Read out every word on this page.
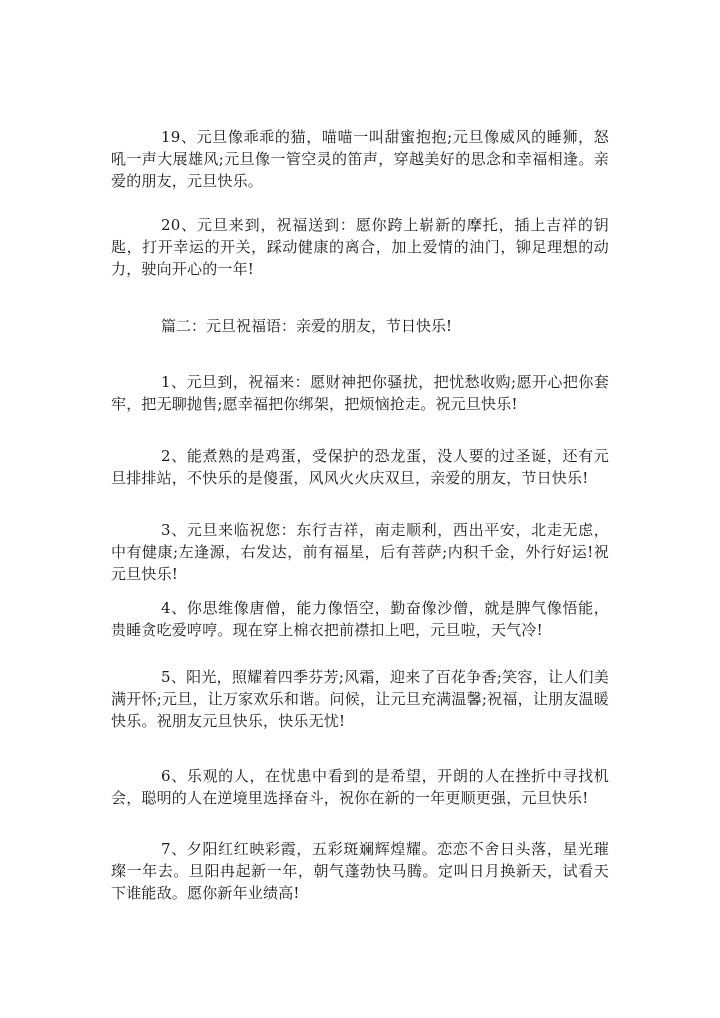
19、元旦像乖乖的猫，喵喵一叫甜蜜抱抱;元旦像威风的睡狮，怒吼一声大展雄风;元旦像一管空灵的笛声，穿越美好的思念和幸福相逢。亲爱的朋友，元旦快乐。

20、元旦来到，祝福送到：愿你跨上崭新的摩托，插上吉祥的钥匙，打开幸运的开关，踩动健康的离合，加上爱情的油门，铆足理想的动力，驶向开心的一年!

篇二：元旦祝福语：亲爱的朋友，节日快乐!

1、元旦到，祝福来：愿财神把你骚扰，把忧愁收购;愿开心把你套牢，把无聊抛售;愿幸福把你绑架，把烦恼抢走。祝元旦快乐!

2、能煮熟的是鸡蛋，受保护的恐龙蛋，没人要的过圣诞，还有元旦排排站，不快乐的是傻蛋，风风火火庆双旦，亲爱的朋友，节日快乐!

3、元旦来临祝您：东行吉祥，南走顺利，西出平安，北走无虑，中有健康;左逢源，右发达，前有福星，后有菩萨;内积千金，外行好运!祝元旦快乐!

4、你思维像唐僧，能力像悟空，勤奋像沙僧，就是脾气像悟能，贵睡贪吃爱哼哼。现在穿上棉衣把前襟扣上吧，元旦啦，天气冷!

5、阳光，照耀着四季芬芳;风霜，迎来了百花争香;笑容，让人们美满开怀;元旦，让万家欢乐和谐。问候，让元旦充满温馨;祝福，让朋友温暖快乐。祝朋友元旦快乐，快乐无忧!

6、乐观的人，在忧患中看到的是希望，开朗的人在挫折中寻找机会，聪明的人在逆境里选择奋斗，祝你在新的一年更顺更强，元旦快乐!

7、夕阳红红映彩霞，五彩斑斓辉煌耀。恋恋不舍日头落，星光璀璨一年去。旦阳冉起新一年，朝气蓬勃快马腾。定叫日月换新天，试看天下谁能敌。愿你新年业绩高!
